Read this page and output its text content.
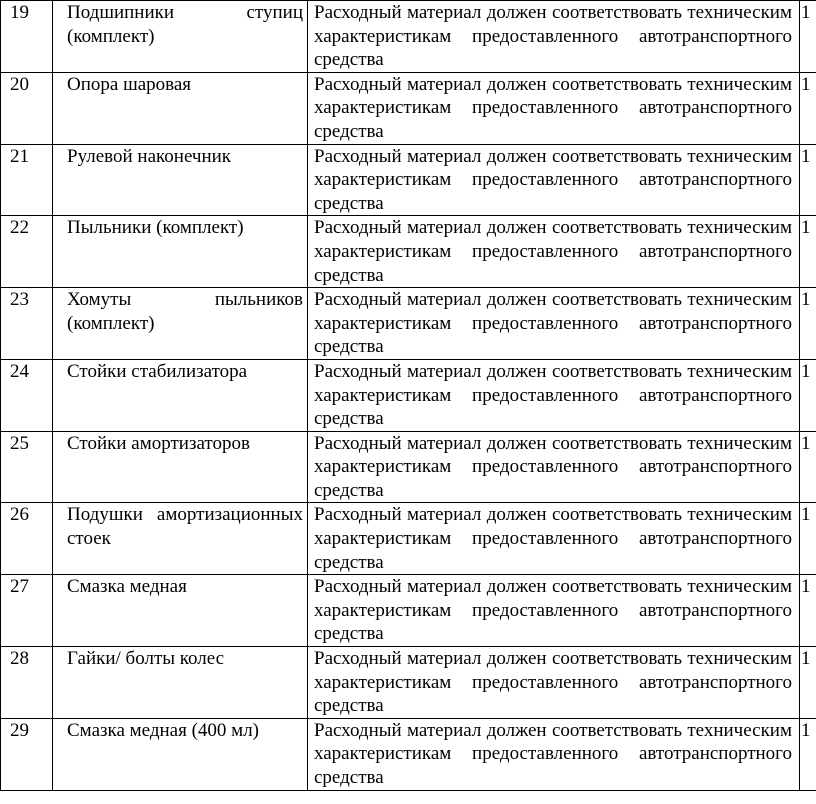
19	Подшипники ступиц (комплект)	Расходный материал должен соответствовать техническим характеристикам предоставленного автотранспортного средства	1
20	Опора шаровая	Расходный материал должен соответствовать техническим характеристикам предоставленного автотранспортного средства	1
21	Рулевой наконечник	Расходный материал должен соответствовать техническим характеристикам предоставленного автотранспортного средства	1
22	Пыльники (комплект)	Расходный материал должен соответствовать техническим характеристикам предоставленного автотранспортного средства	1
23	Хомуты пыльников (комплект)	Расходный материал должен соответствовать техническим характеристикам предоставленного автотранспортного средства	1
24	Стойки стабилизатора	Расходный материал должен соответствовать техническим характеристикам предоставленного автотранспортного средства	1
25	Стойки амортизаторов	Расходный материал должен соответствовать техническим характеристикам предоставленного автотранспортного средства	1
26	Подушки амортизационных стоек	Расходный материал должен соответствовать техническим характеристикам предоставленного автотранспортного средства	1
27	Смазка медная	Расходный материал должен соответствовать техническим характеристикам предоставленного автотранспортного средства	1
28	Гайки/ болты колес	Расходный материал должен соответствовать техническим характеристикам предоставленного автотранспортного средства	1
29	Смазка медная (400 мл)	Расходный материал должен соответствовать техническим характеристикам предоставленного автотранспортного средства	1
